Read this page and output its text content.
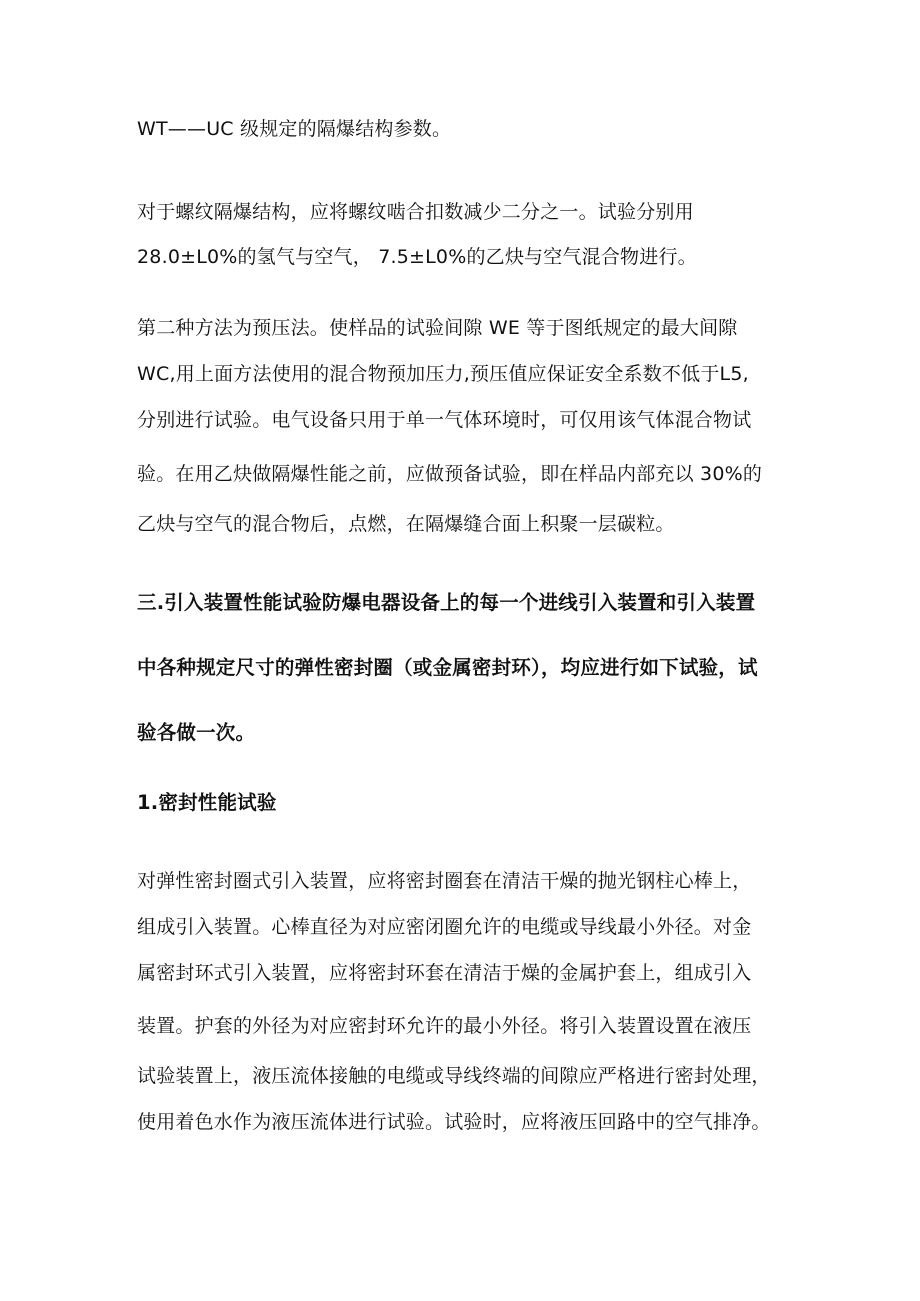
WT——UC 级规定的隔爆结构参数。
对于螺纹隔爆结构，应将螺纹啮合扣数减少二分之一。试验分别用
28.0±L0%的氢气与空气， 7.5±L0%的乙炔与空气混合物进行。
第二种方法为预压法。使样品的试验间隙 WE 等于图纸规定的最大间隙
WC,用上面方法使用的混合物预加压力,预压值应保证安全系数不低于L5,
分别进行试验。电气设备只用于单一气体环境时，可仅用该气体混合物试
验。在用乙炔做隔爆性能之前，应做预备试验，即在样品内部充以 30%的
乙炔与空气的混合物后，点燃，在隔爆缝合面上积聚一层碳粒。
三.引入装置性能试验防爆电器设备上的每一个进线引入装置和引入装置
中各种规定尺寸的弹性密封圈（或金属密封环），均应进行如下试验，试
验各做一次。
1.密封性能试验
对弹性密封圈式引入装置，应将密封圈套在清洁干燥的抛光钢柱心棒上，
组成引入装置。心棒直径为对应密闭圈允许的电缆或导线最小外径。对金
属密封环式引入装置，应将密封环套在清洁于燥的金属护套上，组成引入
装置。护套的外径为对应密封环允许的最小外径。将引入装置设置在液压
试验装置上，液压流体接触的电缆或导线终端的间隙应严格进行密封处理，
使用着色水作为液压流体进行试验。试验时，应将液压回路中的空气排净。
